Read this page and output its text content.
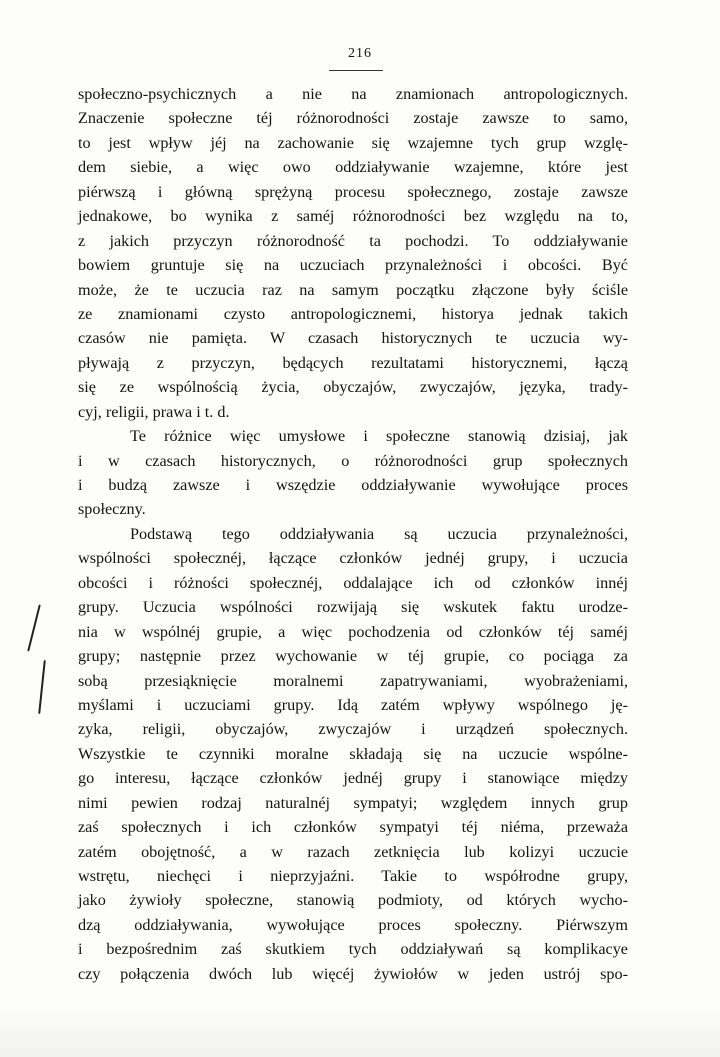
216
społeczno-psychicznych a nie na znamionach antropologicznych.
Znaczenie społeczne téj różnorodności zostaje zawsze to samo,
to jest wpływ jéj na zachowanie się wzajemne tych grup wzglę-
dem siebie, a więc owo oddziaływanie wzajemne, które jest
piérwszą i główną sprężyną procesu społecznego, zostaje zawsze
jednakowe, bo wynika z saméj różnorodności bez względu na to,
z jakich przyczyn różnorodność ta pochodzi. To oddziaływanie
bowiem gruntuje się na uczuciach przynależności i obcości. Być
może, że te uczucia raz na samym początku złączone były ściśle
ze znamionami czysto antropologicznemi, historya jednak takich
czasów nie pamięta. W czasach historycznych te uczucia wy-
pływają z przyczyn, będących rezultatami historycznemi, łączą
się ze wspólnością życia, obyczajów, zwyczajów, języka, trady-
cyj, religii, prawa i t. d.
Te różnice więc umysłowe i społeczne stanowią dzisiaj, jak
i w czasach historycznych, o różnorodności grup społecznych
i budzą zawsze i wszędzie oddziaływanie wywołujące proces
społeczny.
Podstawą tego oddziaływania są uczucia przynależności,
wspólności społecznéj, łączące członków jednéj grupy, i uczucia
obcości i różności społecznéj, oddalające ich od członków innéj
grupy. Uczucia wspólności rozwijają się wskutek faktu urodze-
nia w wspólnéj grupie, a więc pochodzenia od członków téj saméj
grupy; następnie przez wychowanie w téj grupie, co pociąga za
sobą przesiąknięcie moralnemi zapatrywaniami, wyobrażeniami,
myślami i uczuciami grupy. Idą zatém wpływy wspólnego ję-
zyka, religii, obyczajów, zwyczajów i urządzeń społecznych.
Wszystkie te czynniki moralne składają się na uczucie wspólne-
go interesu, łączące członków jednéj grupy i stanowiące między
nimi pewien rodzaj naturalnéj sympatyi; względem innych grup
zaś społecznych i ich członków sympatyi téj niéma, przeważa
zatém obojętność, a w razach zetknięcia lub kolizyi uczucie
wstrętu, niechęci i nieprzyjaźni. Takie to współrodne grupy,
jako żywioły społeczne, stanowią podmioty, od których wycho-
dzą oddziaływania, wywołujące proces społeczny. Piérwszym
i bezpośrednim zaś skutkiem tych oddziaływań są komplikacye
czy połączenia dwóch lub więcéj żywiołów w jeden ustrój spo-
